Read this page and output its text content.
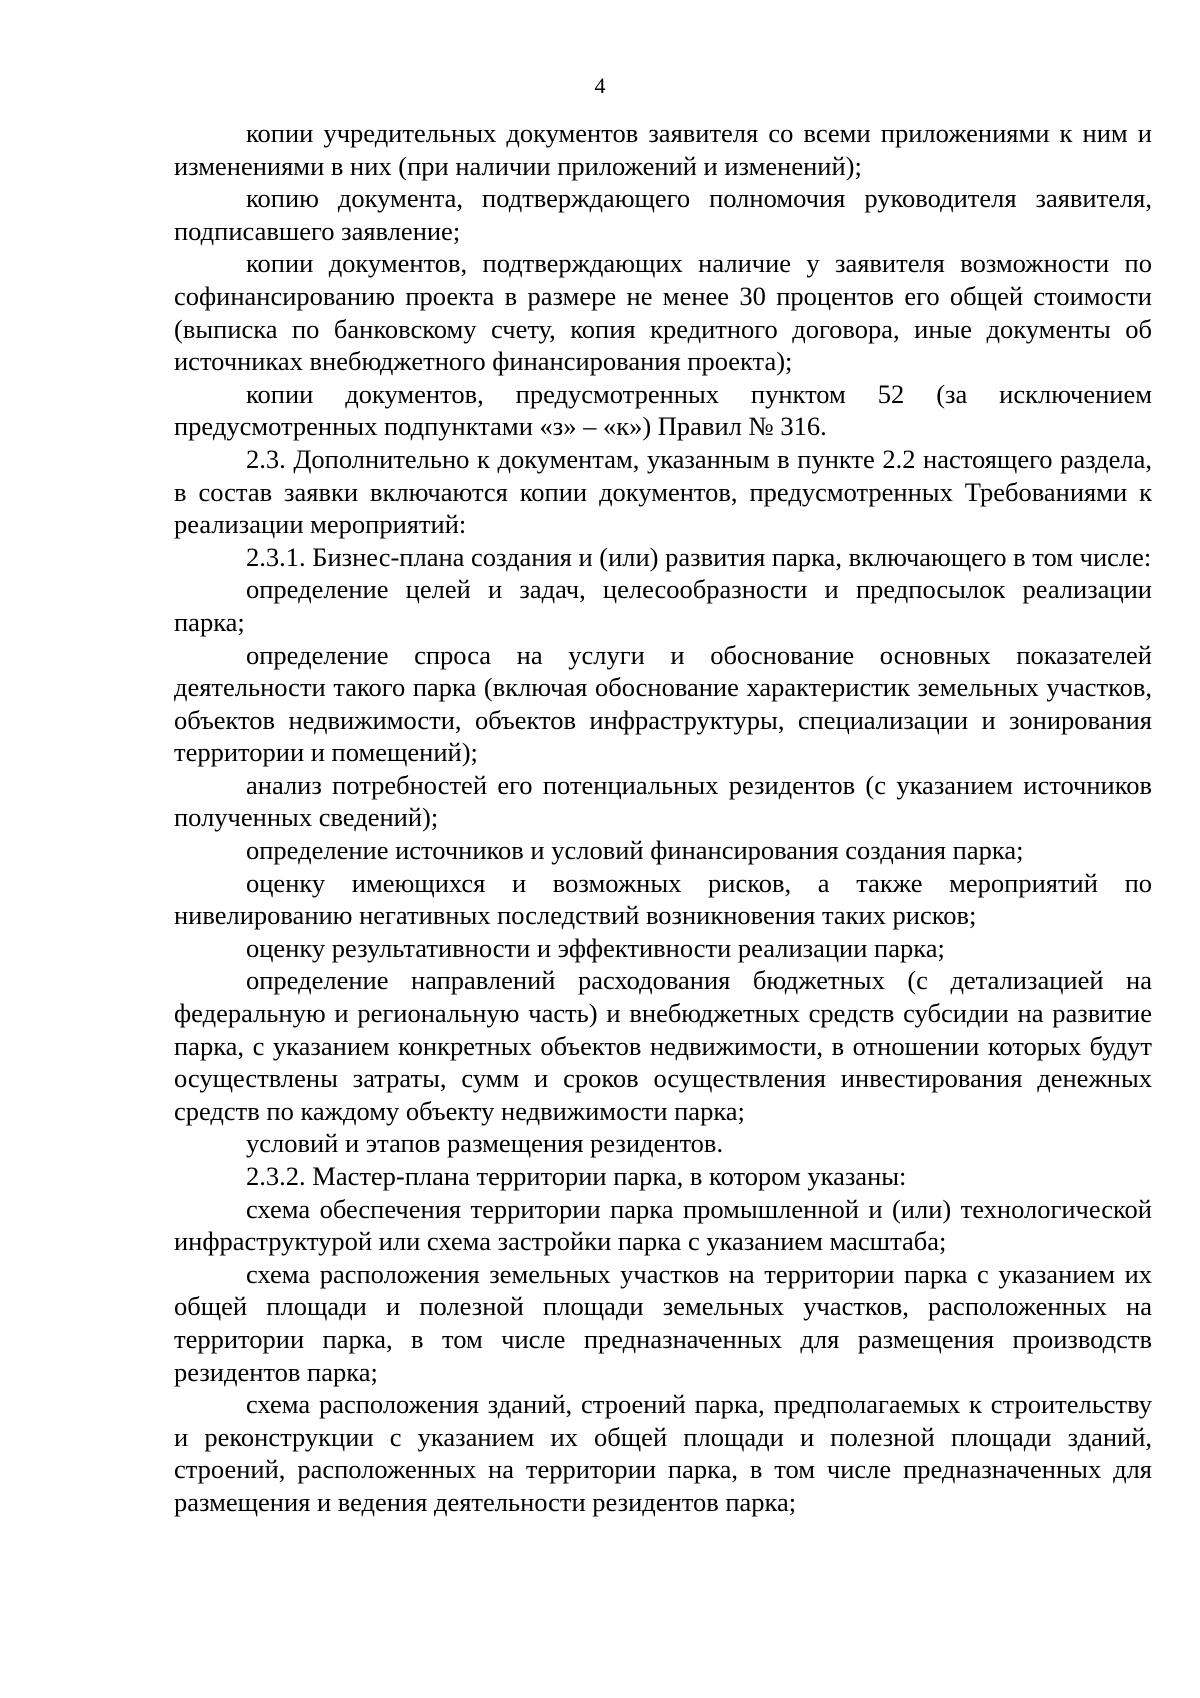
4

копии учредительных документов заявителя со всеми приложениями к ним и изменениями в них (при наличии приложений и изменений);

копию документа, подтверждающего полномочия руководителя заявителя, подписавшего заявление;

копии документов, подтверждающих наличие у заявителя возможности по софинансированию проекта в размере не менее 30 процентов его общей стоимости (выписка по банковскому счету, копия кредитного договора, иные документы об источниках внебюджетного финансирования проекта);

копии документов, предусмотренных пунктом 52 (за исключением предусмотренных подпунктами «з» – «к») Правил № 316.

2.3. Дополнительно к документам, указанным в пункте 2.2 настоящего раздела, в состав заявки включаются копии документов, предусмотренных Требованиями к реализации мероприятий:

2.3.1. Бизнес-плана создания и (или) развития парка, включающего в том числе:

определение целей и задач, целесообразности и предпосылок реализации парка;

определение спроса на услуги и обоснование основных показателей деятельности такого парка (включая обоснование характеристик земельных участков, объектов недвижимости, объектов инфраструктуры, специализации и зонирования территории и помещений);

анализ потребностей его потенциальных резидентов (с указанием источников полученных сведений);

определение источников и условий финансирования создания парка;

оценку имеющихся и возможных рисков, а также мероприятий по нивелированию негативных последствий возникновения таких рисков;

оценку результативности и эффективности реализации парка;

определение направлений расходования бюджетных (с детализацией на федеральную и региональную часть) и внебюджетных средств субсидии на развитие парка, с указанием конкретных объектов недвижимости, в отношении которых будут осуществлены затраты, сумм и сроков осуществления инвестирования денежных средств по каждому объекту недвижимости парка;

условий и этапов размещения резидентов.

2.3.2. Мастер-плана территории парка, в котором указаны:

схема обеспечения территории парка промышленной и (или) технологической инфраструктурой или схема застройки парка с указанием масштаба;

схема расположения земельных участков на территории парка с указанием их общей площади и полезной площади земельных участков, расположенных на территории парка, в том числе предназначенных для размещения производств резидентов парка;

схема расположения зданий, строений парка, предполагаемых к строительству и реконструкции с указанием их общей площади и полезной площади зданий, строений, расположенных на территории парка, в том числе предназначенных для размещения и ведения деятельности резидентов парка;
